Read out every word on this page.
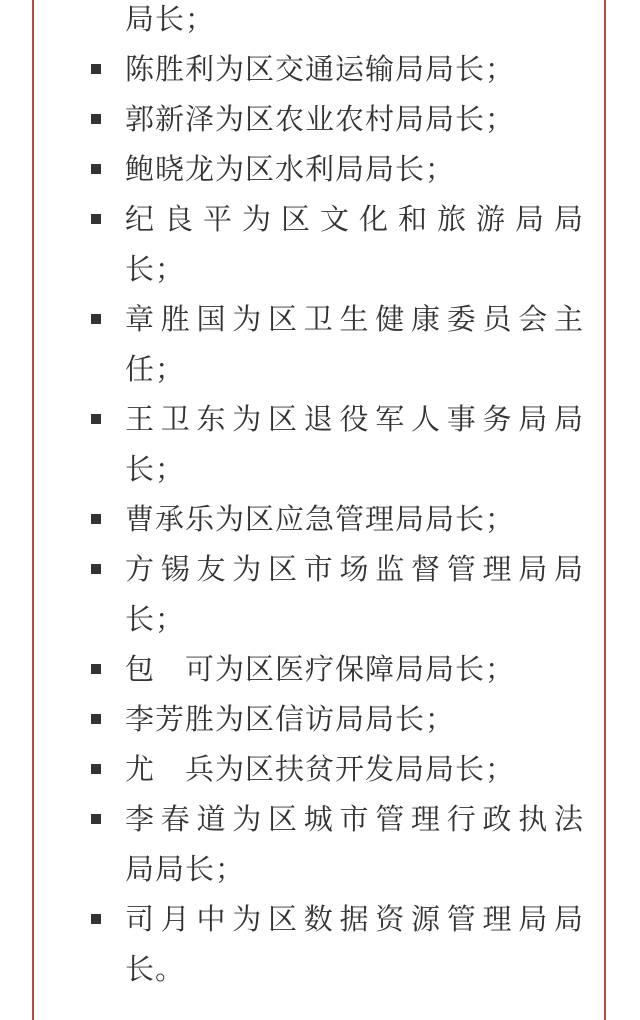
局长；
陈胜利为区交通运输局局长；
郭新泽为区农业农村局局长；
鲍晓龙为区水利局局长；
纪良平为区文化和旅游局局
长；
章胜国为区卫生健康委员会主
任；
王卫东为区退役军人事务局局
长；
曹承乐为区应急管理局局长；
方锡友为区市场监督管理局局
长；
包　可为区医疗保障局局长；
李芳胜为区信访局局长；
尤　兵为区扶贫开发局局长；
李春道为区城市管理行政执法
局局长；
司月中为区数据资源管理局局
长。
